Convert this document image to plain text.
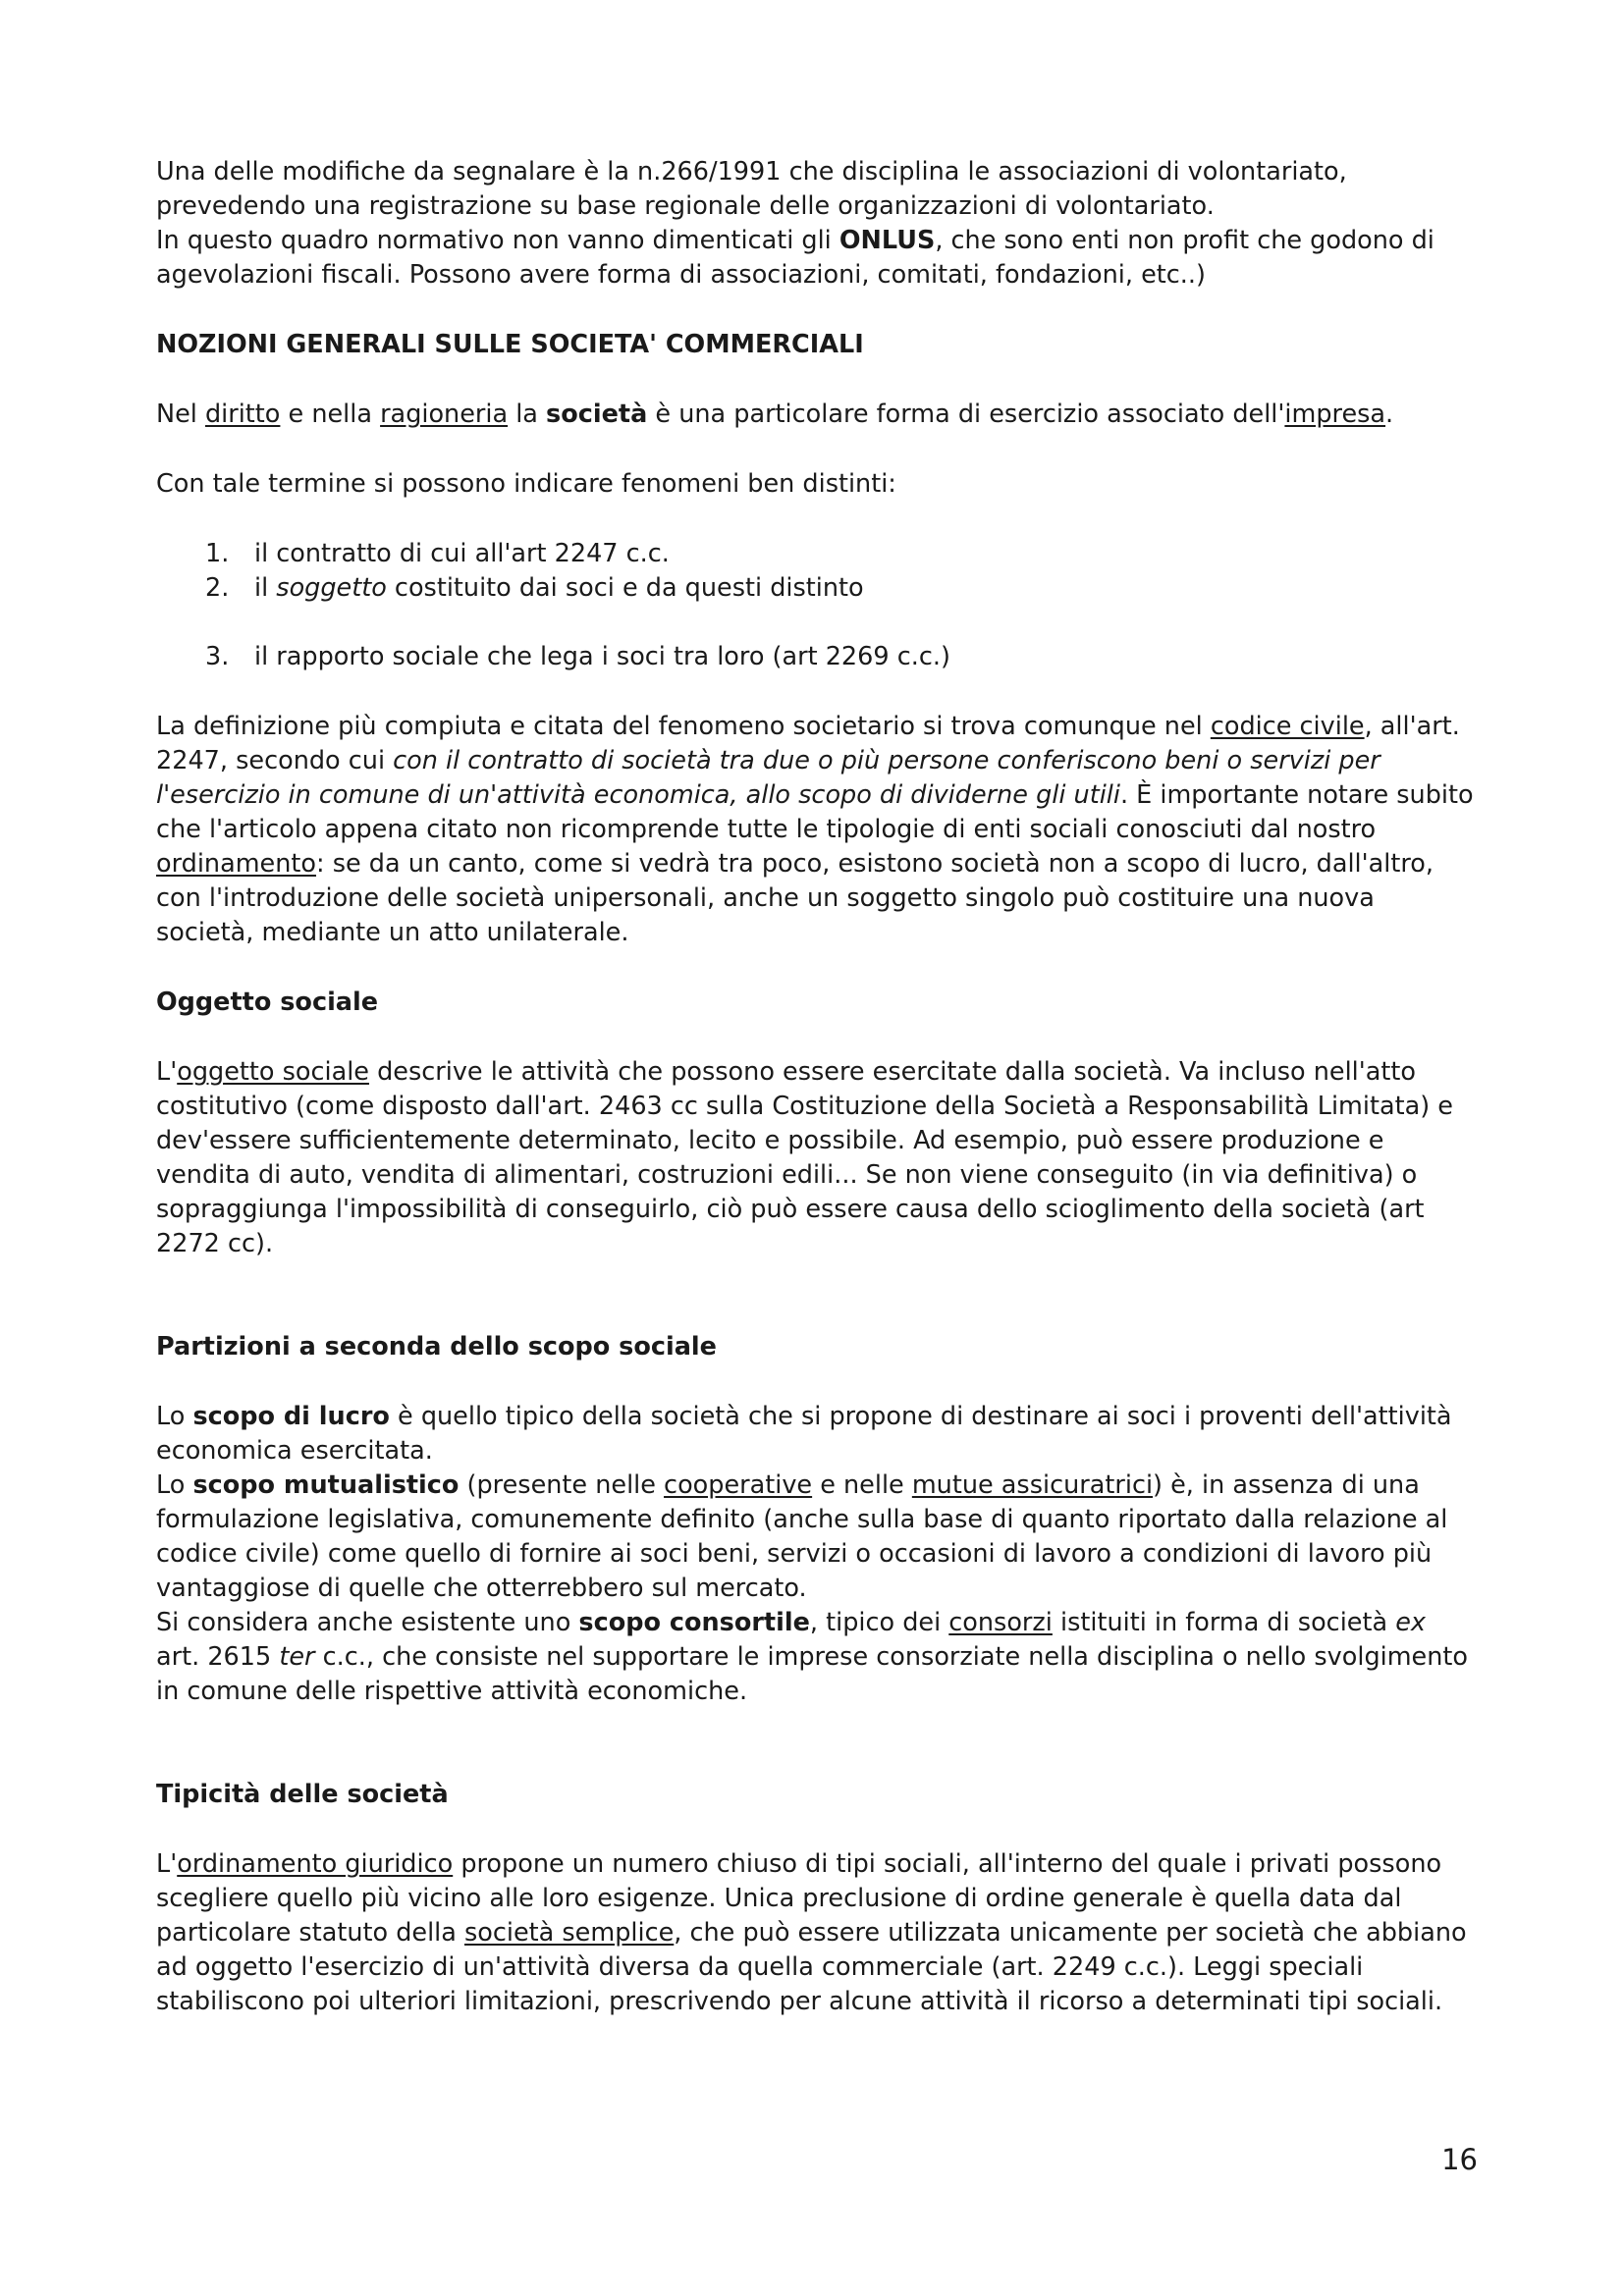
Una delle modifiche da segnalare è la n.266/1991 che disciplina le associazioni di volontariato, prevedendo una registrazione su base regionale delle organizzazioni di volontariato.
In questo quadro normativo non vanno dimenticati gli ONLUS, che sono enti non profit che godono di agevolazioni fiscali. Possono avere forma di associazioni, comitati, fondazioni, etc..)

NOZIONI GENERALI SULLE SOCIETA' COMMERCIALI

Nel diritto e nella ragioneria la società è una particolare forma di esercizio associato dell'impresa.

Con tale termine si possono indicare fenomeni ben distinti:

1. il contratto di cui all'art 2247 c.c.
2. il soggetto costituito dai soci e da questi distinto
3. il rapporto sociale che lega i soci tra loro (art 2269 c.c.)

La definizione più compiuta e citata del fenomeno societario si trova comunque nel codice civile, all'art. 2247, secondo cui con il contratto di società tra due o più persone conferiscono beni o servizi per l'esercizio in comune di un'attività economica, allo scopo di dividerne gli utili. È importante notare subito che l'articolo appena citato non ricomprende tutte le tipologie di enti sociali conosciuti dal nostro ordinamento: se da un canto, come si vedrà tra poco, esistono società non a scopo di lucro, dall'altro, con l'introduzione delle società unipersonali, anche un soggetto singolo può costituire una nuova società, mediante un atto unilaterale.

Oggetto sociale

L'oggetto sociale descrive le attività che possono essere esercitate dalla società. Va incluso nell'atto costitutivo (come disposto dall'art. 2463 cc sulla Costituzione della Società a Responsabilità Limitata) e dev'essere sufficientemente determinato, lecito e possibile. Ad esempio, può essere produzione e vendita di auto, vendita di alimentari, costruzioni edili... Se non viene conseguito (in via definitiva) o sopraggiunga l'impossibilità di conseguirlo, ciò può essere causa dello scioglimento della società (art 2272 cc).

Partizioni a seconda dello scopo sociale

Lo scopo di lucro è quello tipico della società che si propone di destinare ai soci i proventi dell'attività economica esercitata.
Lo scopo mutualistico (presente nelle cooperative e nelle mutue assicuratrici) è, in assenza di una formulazione legislativa, comunemente definito (anche sulla base di quanto riportato dalla relazione al codice civile) come quello di fornire ai soci beni, servizi o occasioni di lavoro a condizioni di lavoro più vantaggiose di quelle che otterrebbero sul mercato.
Si considera anche esistente uno scopo consortile, tipico dei consorzi istituiti in forma di società ex art. 2615 ter c.c., che consiste nel supportare le imprese consorziate nella disciplina o nello svolgimento in comune delle rispettive attività economiche.

Tipicità delle società

L'ordinamento giuridico propone un numero chiuso di tipi sociali, all'interno del quale i privati possono scegliere quello più vicino alle loro esigenze. Unica preclusione di ordine generale è quella data dal particolare statuto della società semplice, che può essere utilizzata unicamente per società che abbiano ad oggetto l'esercizio di un'attività diversa da quella commerciale (art. 2249 c.c.). Leggi speciali stabiliscono poi ulteriori limitazioni, prescrivendo per alcune attività il ricorso a determinati tipi sociali.

16
